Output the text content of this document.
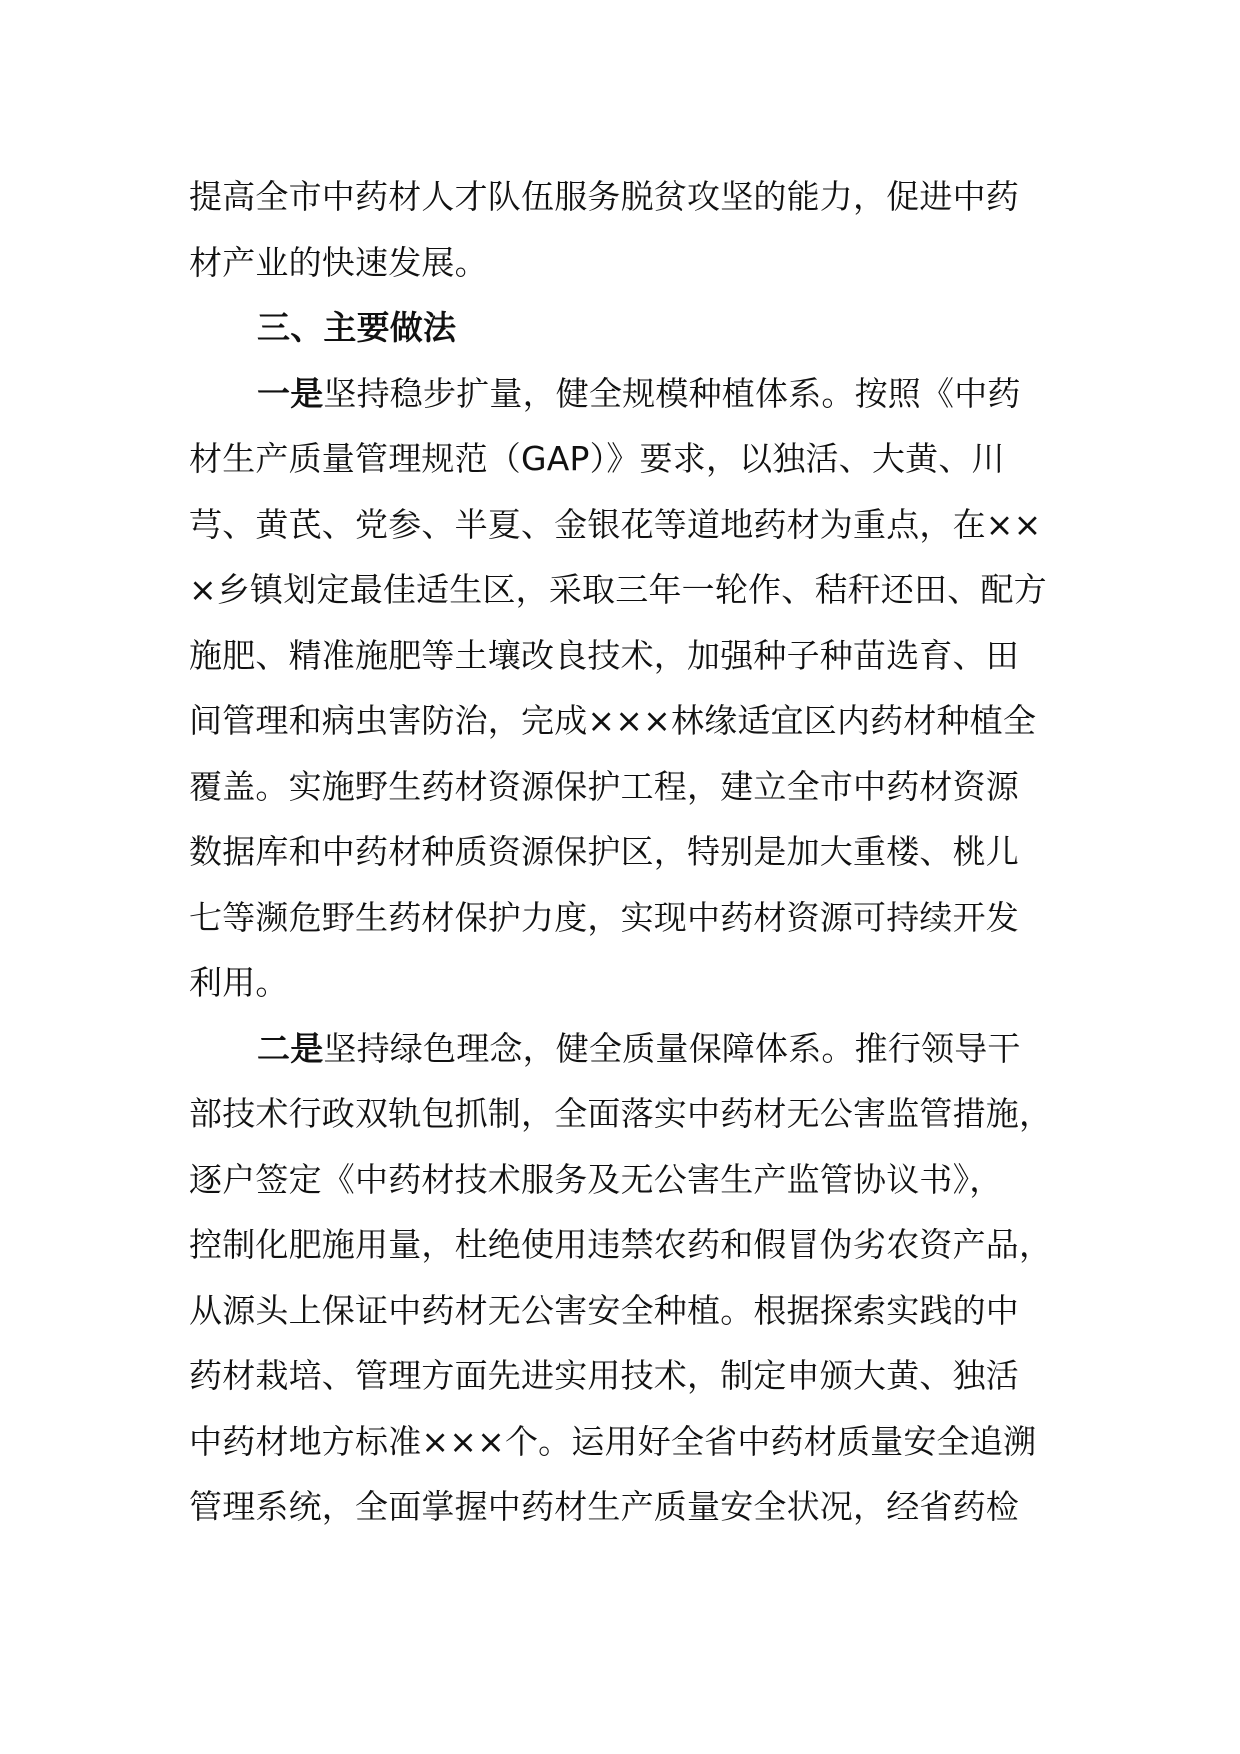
提高全市中药材人才队伍服务脱贫攻坚的能力，促进中药
材产业的快速发展。
三、主要做法
一是坚持稳步扩量，健全规模种植体系。按照《中药
材生产质量管理规范（GAP）》要求，以独活、大黄、川
芎、黄芪、党参、半夏、金银花等道地药材为重点，在××
×乡镇划定最佳适生区，采取三年一轮作、秸秆还田、配方
施肥、精准施肥等土壤改良技术，加强种子种苗选育、田
间管理和病虫害防治，完成×××林缘适宜区内药材种植全
覆盖。实施野生药材资源保护工程，建立全市中药材资源
数据库和中药材种质资源保护区，特别是加大重楼、桃儿
七等濒危野生药材保护力度，实现中药材资源可持续开发
利用。
二是坚持绿色理念，健全质量保障体系。推行领导干
部技术行政双轨包抓制，全面落实中药材无公害监管措施，
逐户签定《中药材技术服务及无公害生产监管协议书》，
控制化肥施用量，杜绝使用违禁农药和假冒伪劣农资产品，
从源头上保证中药材无公害安全种植。根据探索实践的中
药材栽培、管理方面先进实用技术，制定申颁大黄、独活
中药材地方标准×××个。运用好全省中药材质量安全追溯
管理系统，全面掌握中药材生产质量安全状况，经省药检
